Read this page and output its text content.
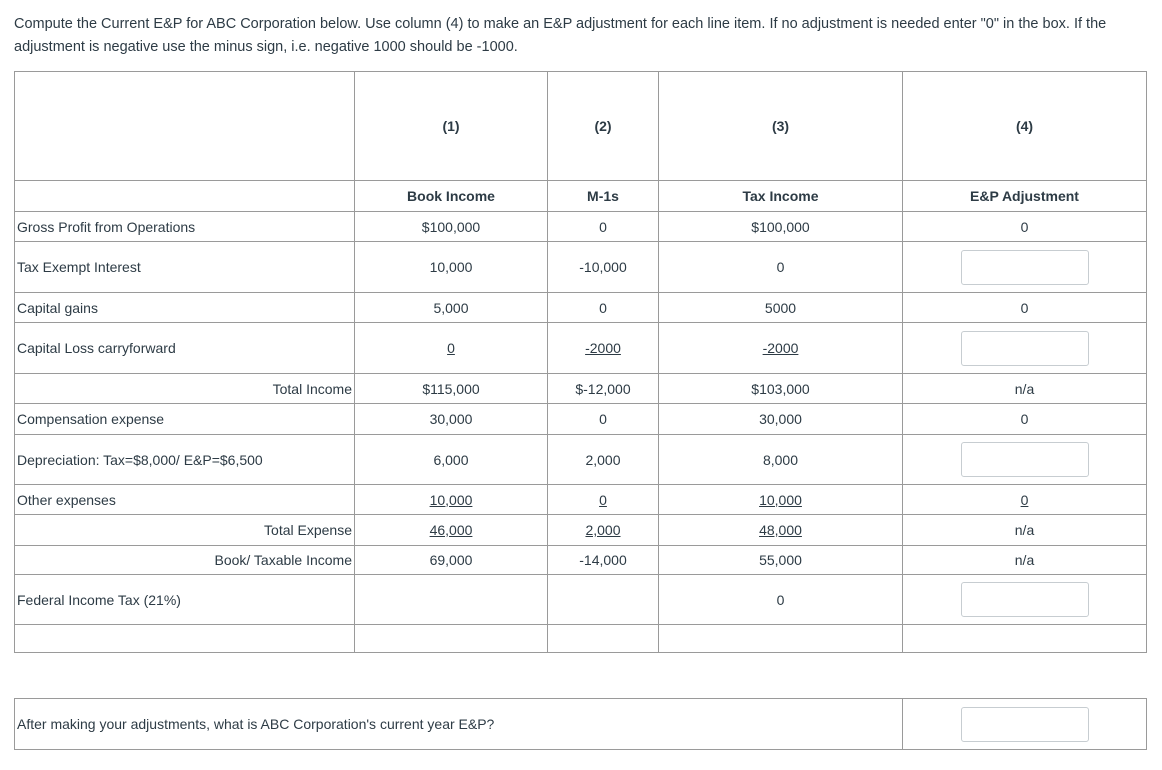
Compute the Current E&P for ABC Corporation below. Use column (4) to make an E&P adjustment for each line item. If no adjustment is needed enter "0" in the box. If the adjustment is negative use the minus sign, i.e. negative 1000 should be -1000.
	(1)	(2)	(3)	(4)
	Book Income	M-1s	Tax Income	E&P Adjustment
Gross Profit from Operations	$100,000	0	$100,000	0
Tax Exempt Interest	10,000	-10,000	0	
Capital gains	5,000	0	5000	0
Capital Loss carryforward	0	-2000	-2000	
Total Income	$115,000	$-12,000	$103,000	n/a
Compensation expense	30,000	0	30,000	0
Depreciation: Tax=$8,000/ E&P=$6,500	6,000	2,000	8,000	
Other expenses	10,000	0	10,000	0
Total Expense	46,000	2,000	48,000	n/a
Book/ Taxable Income	69,000	-14,000	55,000	n/a
Federal Income Tax (21%)			0	

After making your adjustments, what is ABC Corporation's current year E&P?	
